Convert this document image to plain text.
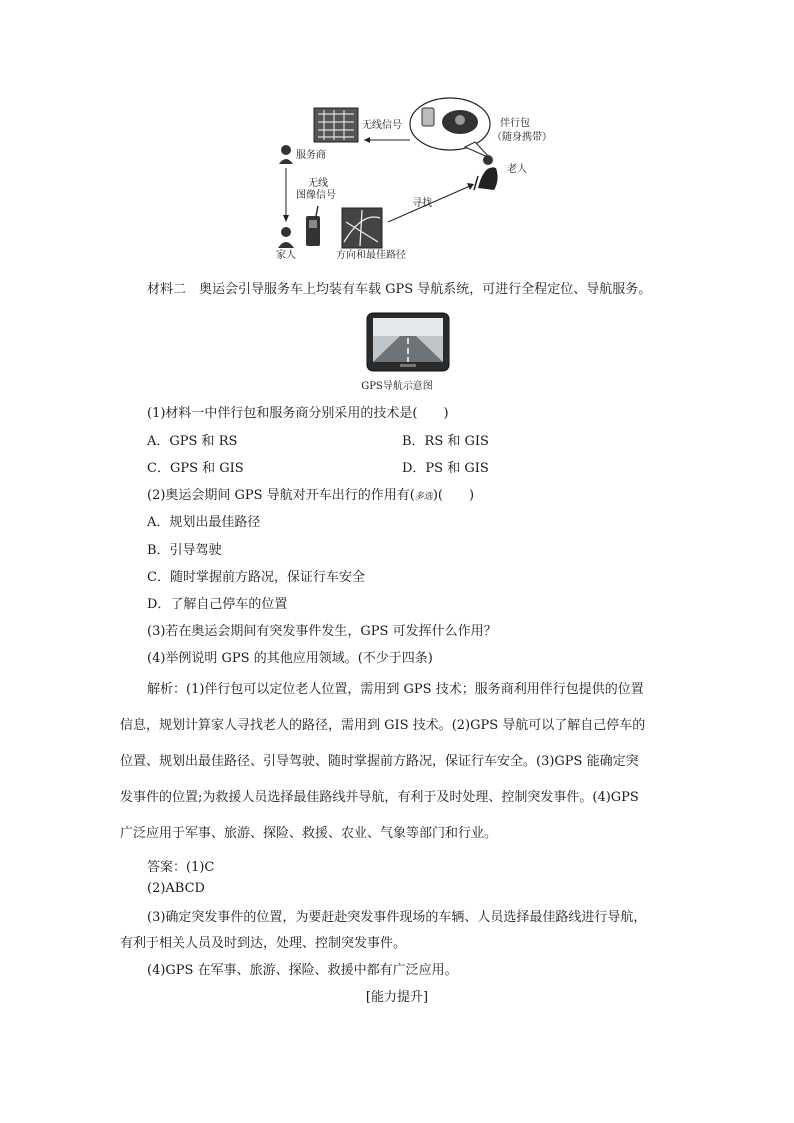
无线信号	伴行包
（随身携带）
老人
服务商
无线
图像信号
寻找
家人	方向和最佳路径
材料二　奥运会引导服务车上均装有车载 GPS 导航系统，可进行全程定位、导航服务。
GPS导航示意图
(1)材料一中伴行包和服务商分别采用的技术是(　　)
A．GPS 和 RS	B．RS 和 GIS
C．GPS 和 GIS	D．PS 和 GIS
(2)奥运会期间 GPS 导航对开车出行的作用有(多选)(　　)
A．规划出最佳路径
B．引导驾驶
C．随时掌握前方路况，保证行车安全
D．了解自己停车的位置
(3)若在奥运会期间有突发事件发生，GPS 可发挥什么作用？
(4)举例说明 GPS 的其他应用领域。(不少于四条)
解析：(1)伴行包可以定位老人位置，需用到 GPS 技术；服务商利用伴行包提供的位置
信息，规划计算家人寻找老人的路径，需用到 GIS 技术。(2)GPS 导航可以了解自己停车的
位置、规划出最佳路径、引导驾驶、随时掌握前方路况，保证行车安全。(3)GPS 能确定突
发事件的位置;为救援人员选择最佳路线并导航，有利于及时处理、控制突发事件。(4)GPS
广泛应用于军事、旅游、探险、救援、农业、气象等部门和行业。
答案：(1)C
(2)ABCD
(3)确定突发事件的位置，为要赶赴突发事件现场的车辆、人员选择最佳路线进行导航，
有利于相关人员及时到达，处理、控制突发事件。
(4)GPS 在军事、旅游、探险、救援中都有广泛应用。
[能力提升]
